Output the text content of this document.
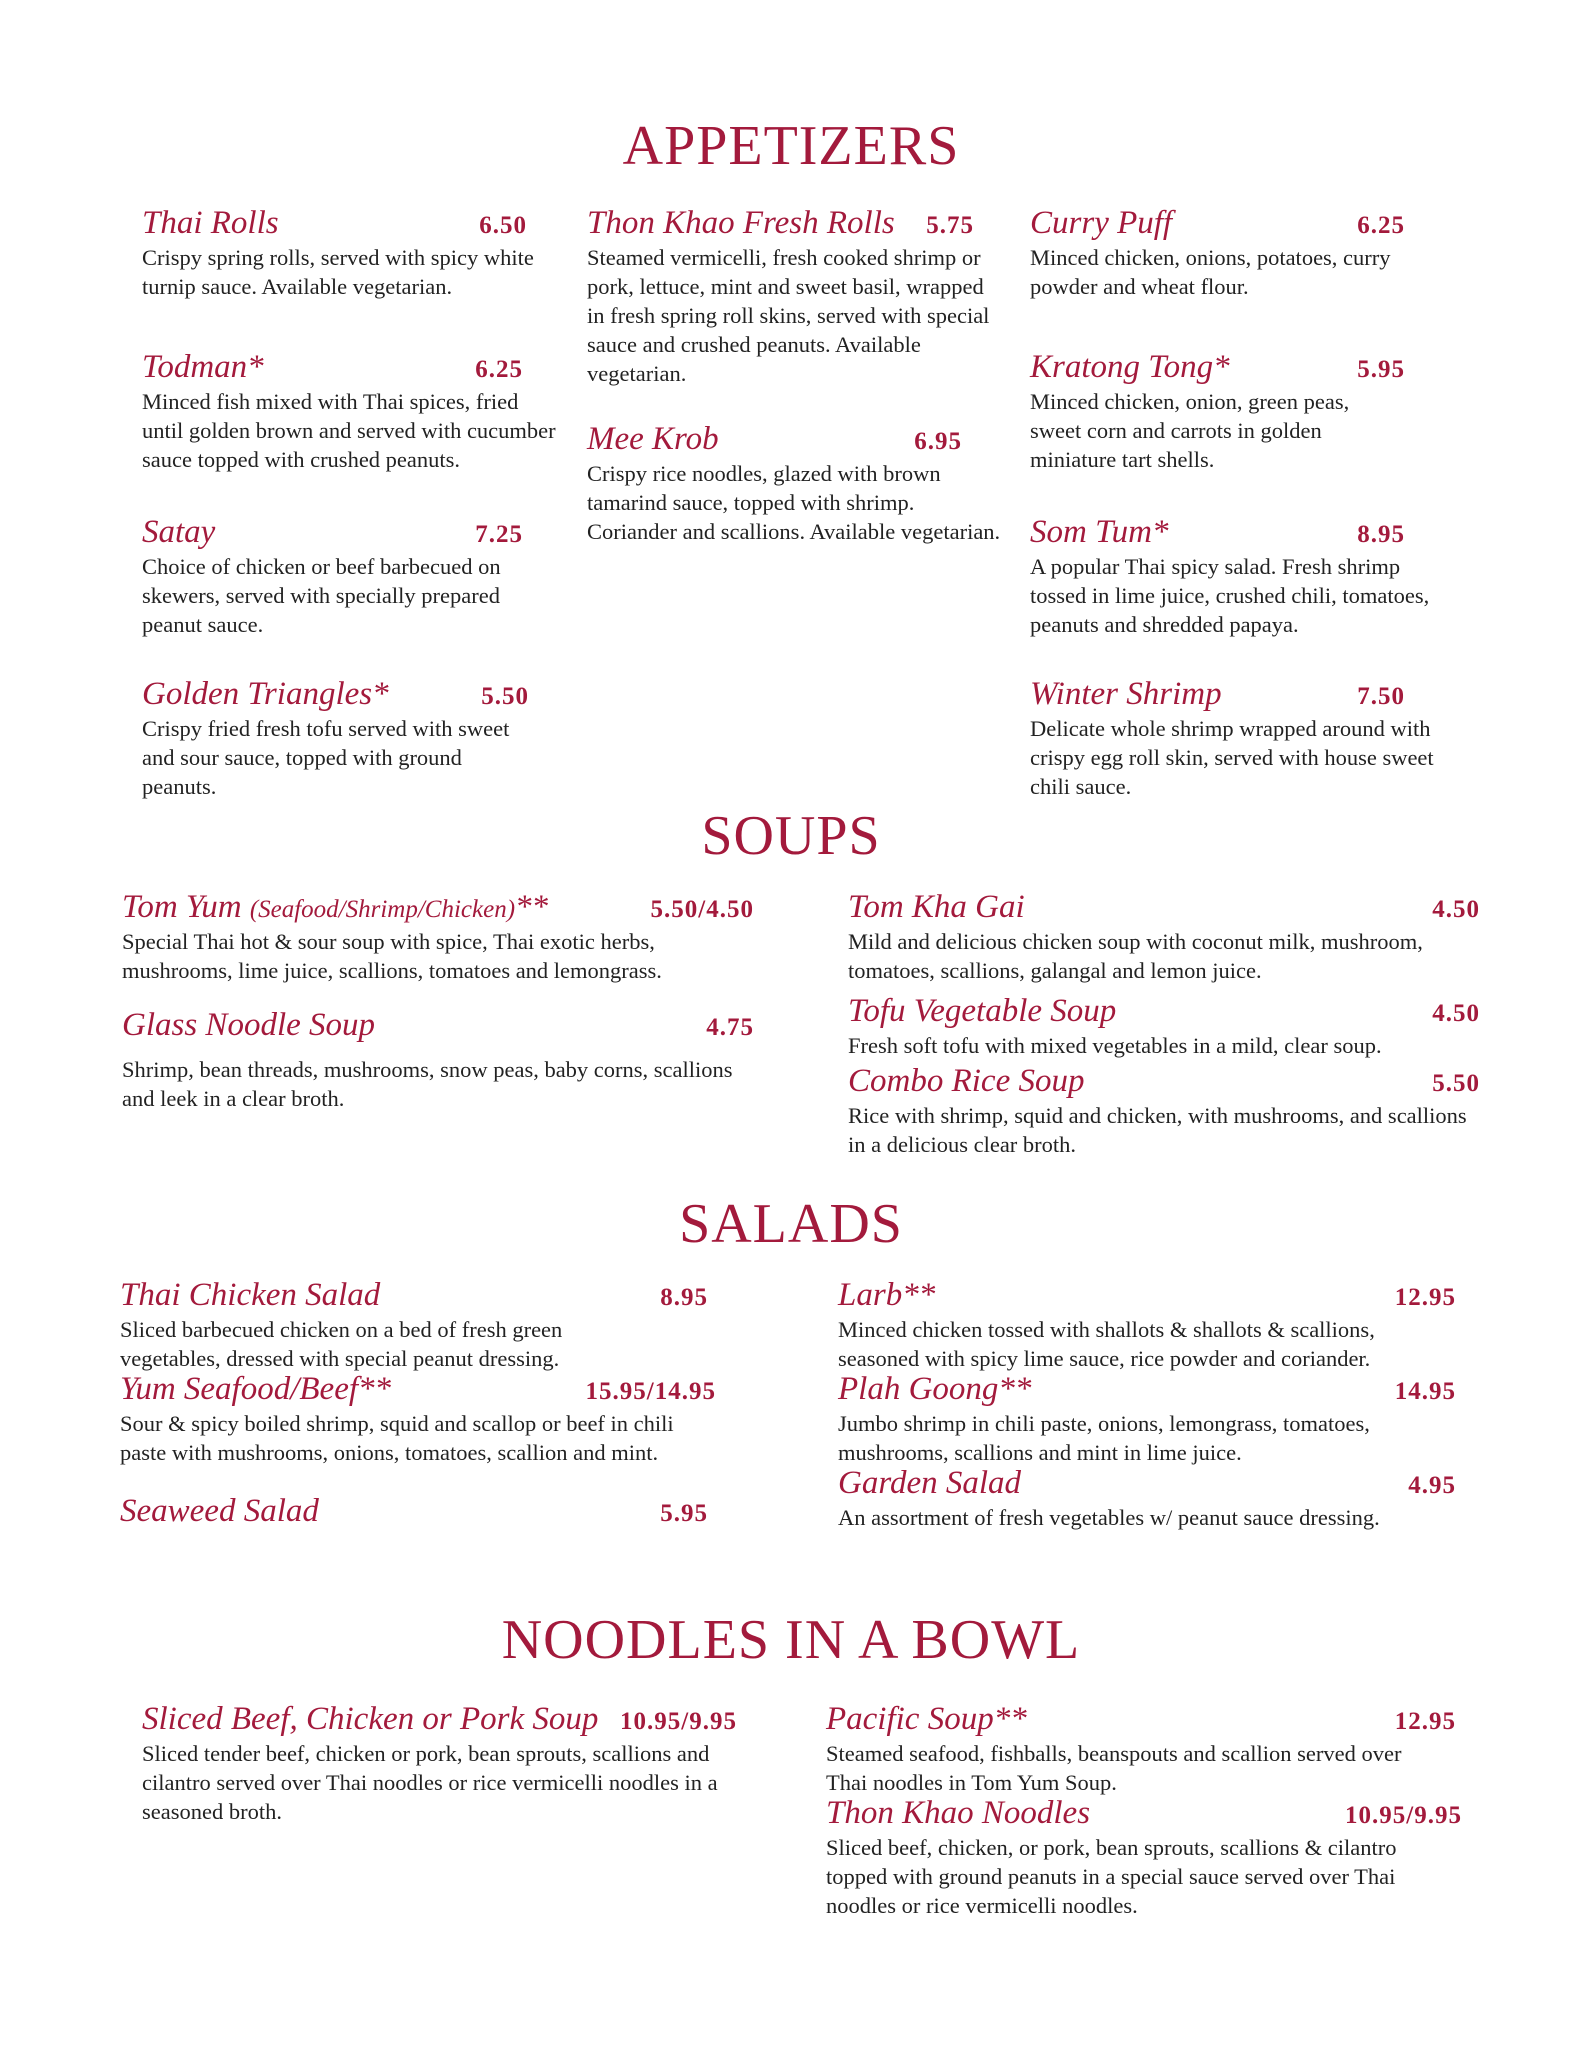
APPETIZERS
Thai Rolls	6.50
Crispy spring rolls, served with spicy white turnip sauce. Available vegetarian.
Todman*	6.25
Minced fish mixed with Thai spices, fried until golden brown and served with cucumber sauce topped with crushed peanuts.
Satay	7.25
Choice of chicken or beef barbecued on skewers, served with specially prepared peanut sauce.
Golden Triangles*	5.50
Crispy fried fresh tofu served with sweet and sour sauce, topped with ground peanuts.
Thon Khao Fresh Rolls 5.75
Steamed vermicelli, fresh cooked shrimp or pork, lettuce, mint and sweet basil, wrapped in fresh spring roll skins, served with special sauce and crushed peanuts. Available vegetarian.
Mee Krob	6.95
Crispy rice noodles, glazed with brown tamarind sauce, topped with shrimp. Coriander and scallions. Available vegetarian.
Curry Puff	6.25
Minced chicken, onions, potatoes, curry powder and wheat flour.
Kratong Tong*	5.95
Minced chicken, onion, green peas, sweet corn and carrots in golden miniature tart shells.
Som Tum*	8.95
A popular Thai spicy salad. Fresh shrimp tossed in lime juice, crushed chili, tomatoes, peanuts and shredded papaya.
Winter Shrimp	7.50
Delicate whole shrimp wrapped around with crispy egg roll skin, served with house sweet chili sauce.
SOUPS
Tom Yum (Seafood/Shrimp/Chicken)**	5.50/4.50
Special Thai hot & sour soup with spice, Thai exotic herbs, mushrooms, lime juice, scallions, tomatoes and lemongrass.
Glass Noodle Soup	4.75
Shrimp, bean threads, mushrooms, snow peas, baby corns, scallions and leek in a clear broth.
Tom Kha Gai	4.50
Mild and delicious chicken soup with coconut milk, mushroom, tomatoes, scallions, galangal and lemon juice.
Tofu Vegetable Soup	4.50
Fresh soft tofu with mixed vegetables in a mild, clear soup.
Combo Rice Soup	5.50
Rice with shrimp, squid and chicken, with mushrooms, and scallions in a delicious clear broth.
SALADS
Thai Chicken Salad	8.95
Sliced barbecued chicken on a bed of fresh green vegetables, dressed with special peanut dressing.
Yum Seafood/Beef**	15.95/14.95
Sour & spicy boiled shrimp, squid and scallop or beef in chili paste with mushrooms, onions, tomatoes, scallion and mint.
Seaweed Salad	5.95
Larb**	12.95
Minced chicken tossed with shallots & shallots & scallions, seasoned with spicy lime sauce, rice powder and coriander.
Plah Goong**	14.95
Jumbo shrimp in chili paste, onions, lemongrass, tomatoes, mushrooms, scallions and mint in lime juice.
Garden Salad	4.95
An assortment of fresh vegetables w/ peanut sauce dressing.
NOODLES IN A BOWL
Sliced Beef, Chicken or Pork Soup 10.95/9.95
Sliced tender beef, chicken or pork, bean sprouts, scallions and cilantro served over Thai noodles or rice vermicelli noodles in a seasoned broth.
Pacific Soup**	12.95
Steamed seafood, fishballs, beanspouts and scallion served over Thai noodles in Tom Yum Soup.
Thon Khao Noodles	10.95/9.95
Sliced beef, chicken, or pork, bean sprouts, scallions & cilantro topped with ground peanuts in a special sauce served over Thai noodles or rice vermicelli noodles.
